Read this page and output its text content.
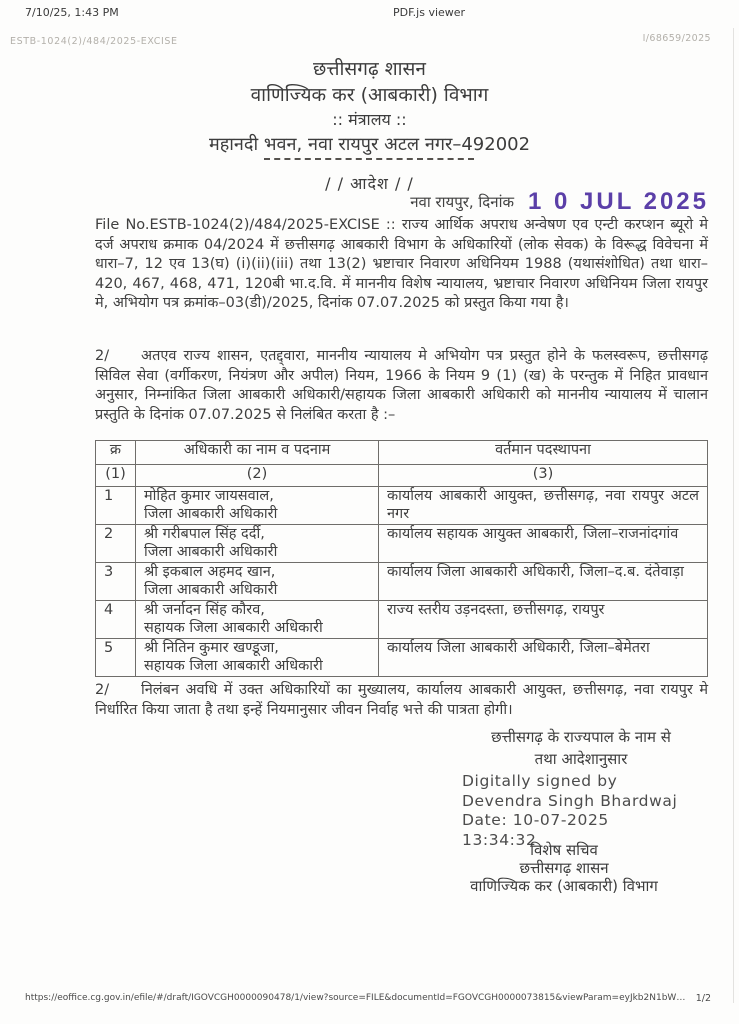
7/10/25, 1:43 PM	PDF.js viewer
ESTB-1024(2)/484/2025-EXCISE	I/68659/2025
छत्तीसगढ़ शासन
वाणिज्यिक कर (आबकारी) विभाग
:: मंत्रालय ::
महानदी भवन, नवा रायपुर अटल नगर–492002
/ / आदेश / /
नवा रायपुर, दिनांक 1 0 JUL 2025

File No.ESTB-1024(2)/484/2025-EXCISE :: राज्य आर्थिक अपराध अन्वेषण एव एन्टी करप्शन ब्यूरो मे दर्ज अपराध क्रमाक 04/2024 में छत्तीसगढ़ आबकारी विभाग के अधिकारियों (लोक सेवक) के विरूद्ध विवेचना में धारा–7, 12 एव 13(घ) (i)(ii)(iii) तथा 13(2) भ्रष्टाचार निवारण अधिनियम 1988 (यथासंशोधित) तथा धारा–420, 467, 468, 471, 120बी भा.द.वि. में माननीय विशेष न्यायालय, भ्रष्टाचार निवारण अधिनियम जिला रायपुर मे, अभियोग पत्र क्रमांक–03(डी)/2025, दिनांक 07.07.2025 को प्रस्तुत किया गया है।

2/ अतएव राज्य शासन, एतद्द्वारा, माननीय न्यायालय मे अभियोग पत्र प्रस्तुत होने के फलस्वरूप, छत्तीसगढ़ सिविल सेवा (वर्गीकरण, नियंत्रण और अपील) नियम, 1966 के नियम 9 (1) (ख) के परन्तुक में निहित प्रावधान अनुसार, निम्नांकित जिला आबकारी अधिकारी/सहायक जिला आबकारी अधिकारी को माननीय न्यायालय में चालान प्रस्तुति के दिनांक 07.07.2025 से निलंबित करता है :–

क्र	अधिकारी का नाम व पदनाम	वर्तमान पदस्थापना
(1)	(2)	(3)
1	मोहित कुमार जायसवाल,
जिला आबकारी अधिकारी	कार्यालय आबकारी आयुक्त, छत्तीसगढ़, नवा रायपुर अटल नगर
2	श्री गरीबपाल सिंह दर्दी,
जिला आबकारी अधिकारी	कार्यालय सहायक आयुक्त आबकारी, जिला–राजनांदगांव
3	श्री इकबाल अहमद खान,
जिला आबकारी अधिकारी	कार्यालय जिला आबकारी अधिकारी, जिला–द.ब. दंतेवाड़ा
4	श्री जर्नादन सिंह कौरव,
सहायक जिला आबकारी अधिकारी	राज्य स्तरीय उड़नदस्ता, छत्तीसगढ़, रायपुर
5	श्री नितिन कुमार खण्डूजा,
सहायक जिला आबकारी अधिकारी	कार्यालय जिला आबकारी अधिकारी, जिला–बेमेतरा

2/ निलंबन अवधि में उक्त अधिकारियों का मुख्यालय, कार्यालय आबकारी आयुक्त, छत्तीसगढ़, नवा रायपुर मे निर्धारित किया जाता है तथा इन्हें नियमानुसार जीवन निर्वाह भत्ते की पात्रता होगी।

छत्तीसगढ़ के राज्यपाल के नाम से
तथा आदेशानुसार
Digitally signed by
Devendra Singh Bhardwaj
Date: 10-07-2025
13:34:32
विशेष सचिव
छत्तीसगढ़ शासन
वाणिज्यिक कर (आबकारी) विभाग
https://eoffice.cg.gov.in/efile/#/draft/IGOVCGH0000090478/1/view?source=FILE&documentId=FGOVCGH0000073815&viewParam=eyJkb2N1bW… 1/2
